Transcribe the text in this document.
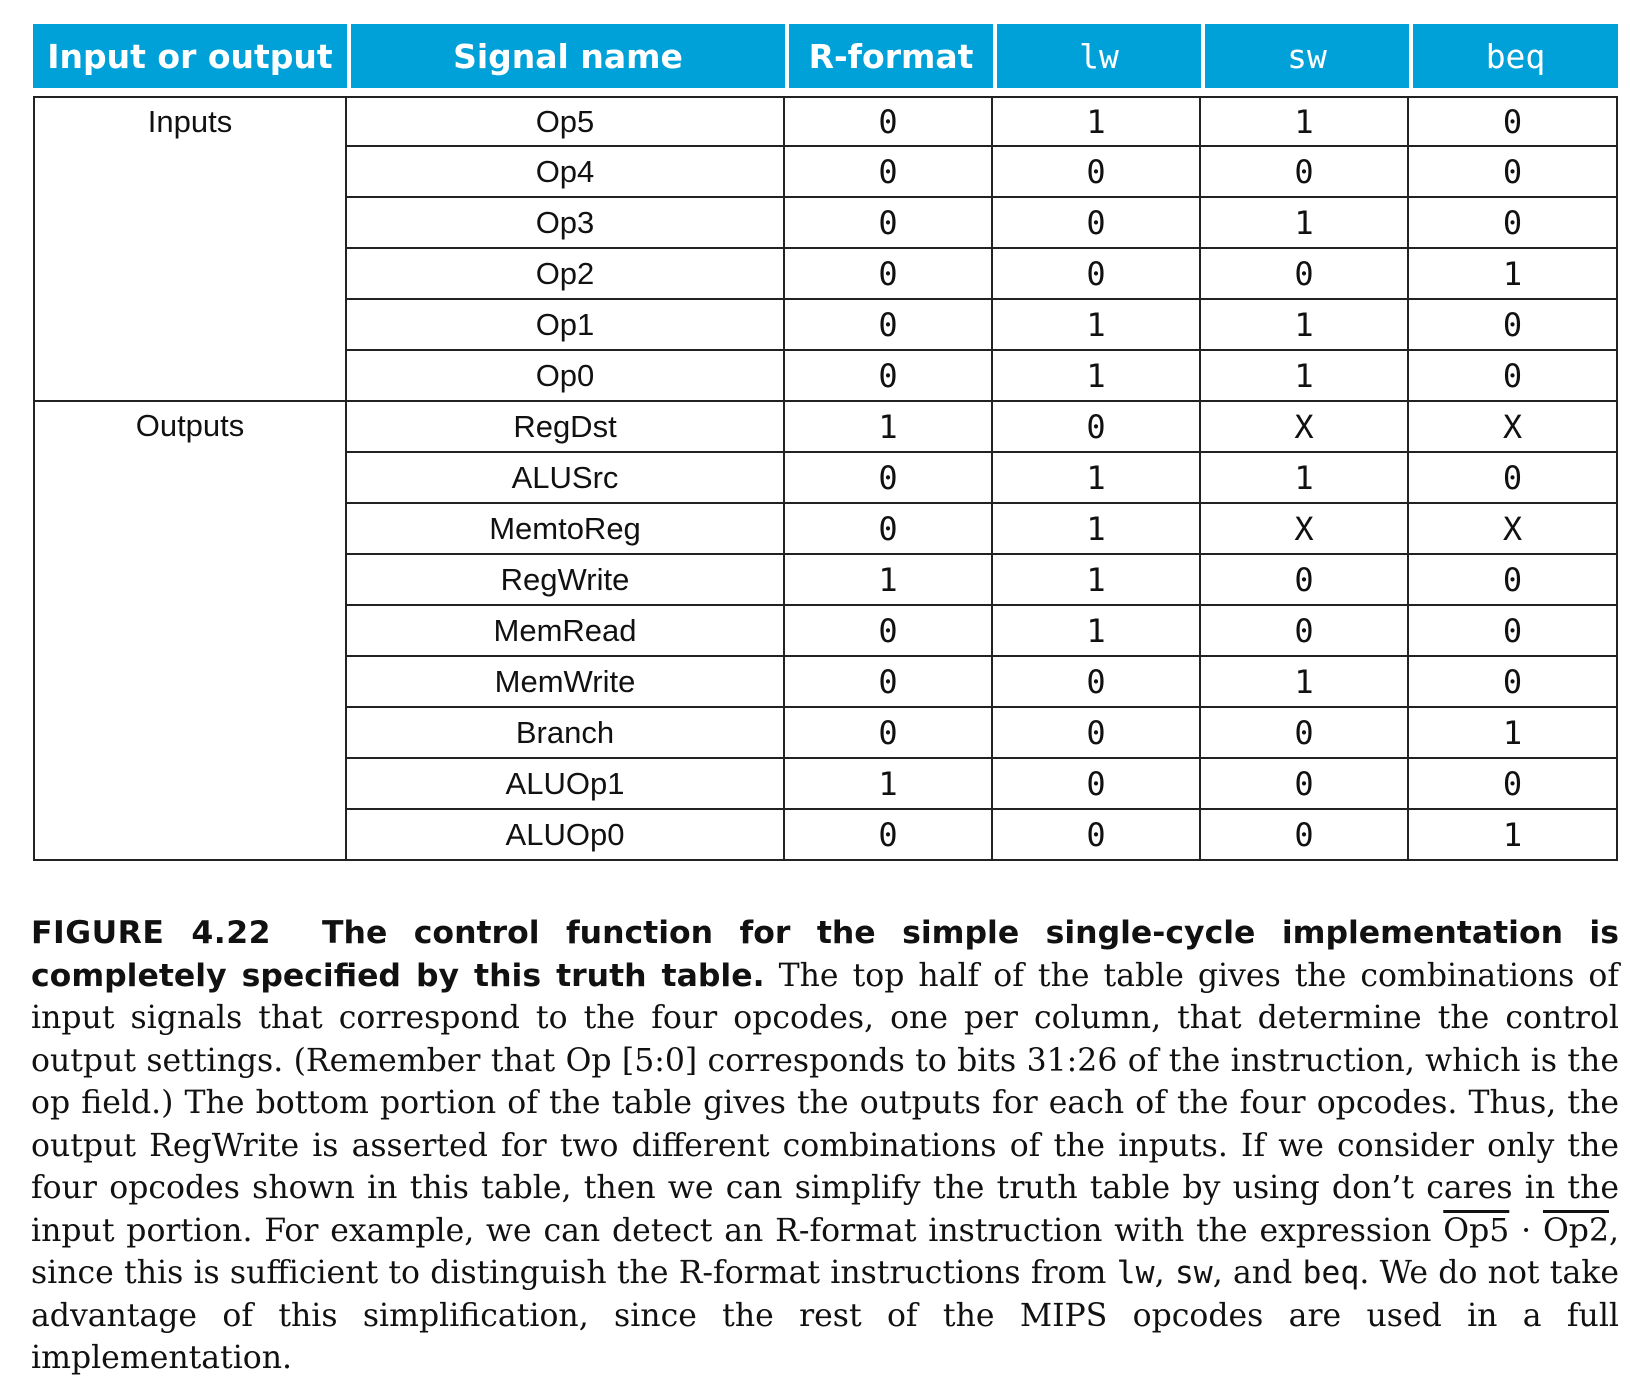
Input or output	Signal name	R-format	lw	sw	beq

Inputs	Op5	0	1	1	0
	Op4	0	0	0	0
	Op3	0	0	1	0
	Op2	0	0	0	1
	Op1	0	1	1	0
	Op0	0	1	1	0
Outputs	RegDst	1	0	X	X
	ALUSrc	0	1	1	0
	MemtoReg	0	1	X	X
	RegWrite	1	1	0	0
	MemRead	0	1	0	0
	MemWrite	0	0	1	0
	Branch	0	0	0	1
	ALUOp1	1	0	0	0
	ALUOp0	0	0	0	1
FIGURE 4.22 The control function for the simple single-cycle implementation is completely specified by this truth table. The top half of the table gives the combinations of input signals that correspond to the four opcodes, one per column, that determine the control output settings. (Remember that Op [5:0] corresponds to bits 31:26 of the instruction, which is the op field.) The bottom portion of the table gives the outputs for each of the four opcodes. Thus, the output RegWrite is asserted for two different combinations of the inputs. If we consider only the four opcodes shown in this table, then we can simplify the truth table by using don’t cares in the input portion. For example, we can detect an R-format instruction with the expression Op5 · Op2, since this is sufficient to distinguish the R-format instructions from lw, sw, and beq. We do not take advantage of this simplification, since the rest of the MIPS opcodes are used in a full implementation.
